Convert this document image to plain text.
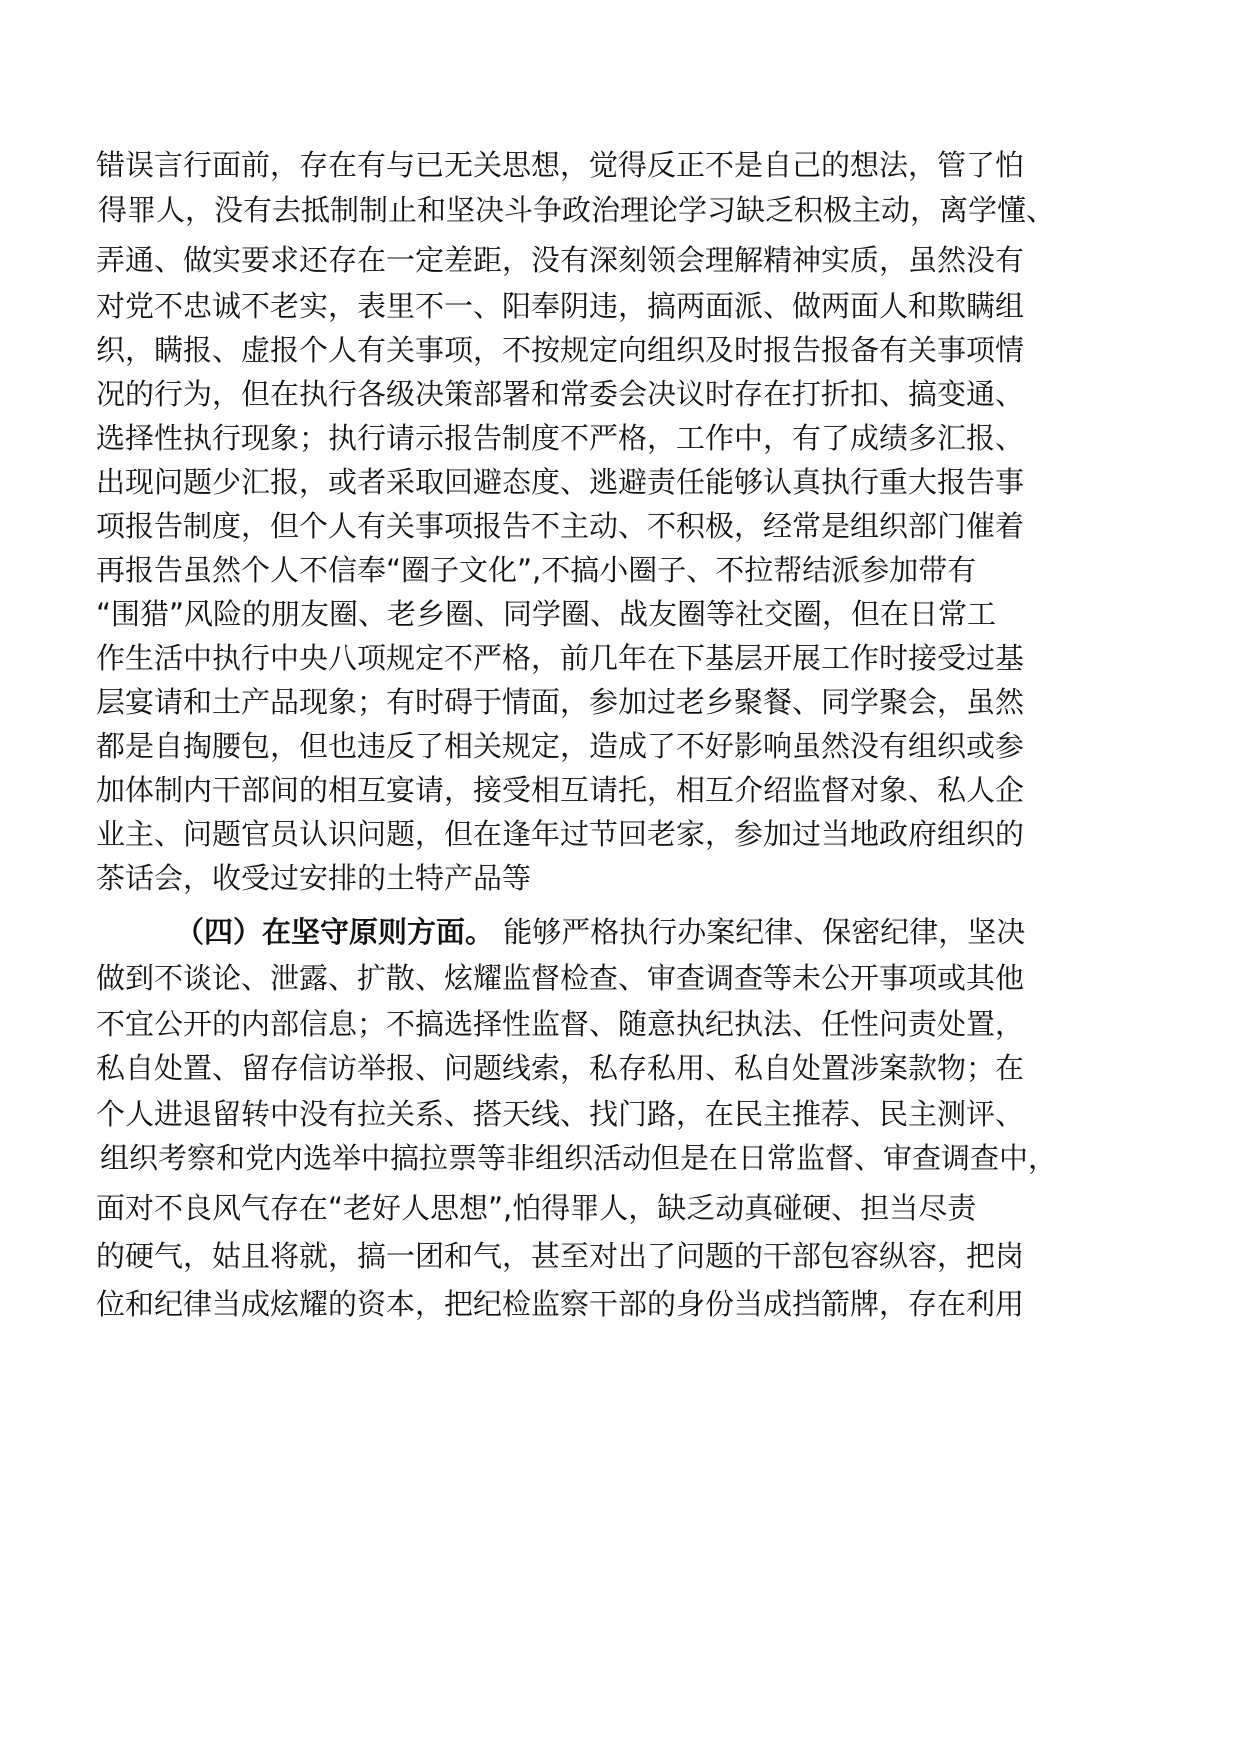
错误言行面前，存在有与已无关思想，觉得反正不是自己的想法，管了怕
得罪人，没有去抵制制止和坚决斗争政治理论学习缺乏积极主动，离学懂、
弄通、做实要求还存在一定差距，没有深刻领会理解精神实质，虽然没有
对党不忠诚不老实，表里不一、阳奉阴违，搞两面派、做两面人和欺瞒组
织，瞒报、虚报个人有关事项，不按规定向组织及时报告报备有关事项情
况的行为，但在执行各级决策部署和常委会决议时存在打折扣、搞变通、
选择性执行现象；执行请示报告制度不严格，工作中，有了成绩多汇报、
出现问题少汇报，或者采取回避态度、逃避责任能够认真执行重大报告事
项报告制度，但个人有关事项报告不主动、不积极，经常是组织部门催着
再报告虽然个人不信奉“圈子文化”,不搞小圈子、不拉帮结派参加带有
“围猎”风险的朋友圈、老乡圈、同学圈、战友圈等社交圈，但在日常工
作生活中执行中央八项规定不严格，前几年在下基层开展工作时接受过基
层宴请和土产品现象；有时碍于情面，参加过老乡聚餐、同学聚会，虽然
都是自掏腰包，但也违反了相关规定，造成了不好影响虽然没有组织或参
加体制内干部间的相互宴请，接受相互请托，相互介绍监督对象、私人企
业主、问题官员认识问题，但在逢年过节回老家，参加过当地政府组织的
茶话会，收受过安排的土特产品等
（四）在坚守原则方面。 能够严格执行办案纪律、保密纪律，坚决
做到不谈论、泄露、扩散、炫耀监督检查、审查调查等未公开事项或其他
不宜公开的内部信息；不搞选择性监督、随意执纪执法、任性问责处置，
私自处置、留存信访举报、问题线索，私存私用、私自处置涉案款物；在
个人进退留转中没有拉关系、搭天线、找门路，在民主推荐、民主测评、
组织考察和党内选举中搞拉票等非组织活动但是在日常监督、审查调查中，
面对不良风气存在“老好人思想”,怕得罪人，缺乏动真碰硬、担当尽责
的硬气，姑且将就，搞一团和气，甚至对出了问题的干部包容纵容，把岗
位和纪律当成炫耀的资本，把纪检监察干部的身份当成挡箭牌，存在利用
